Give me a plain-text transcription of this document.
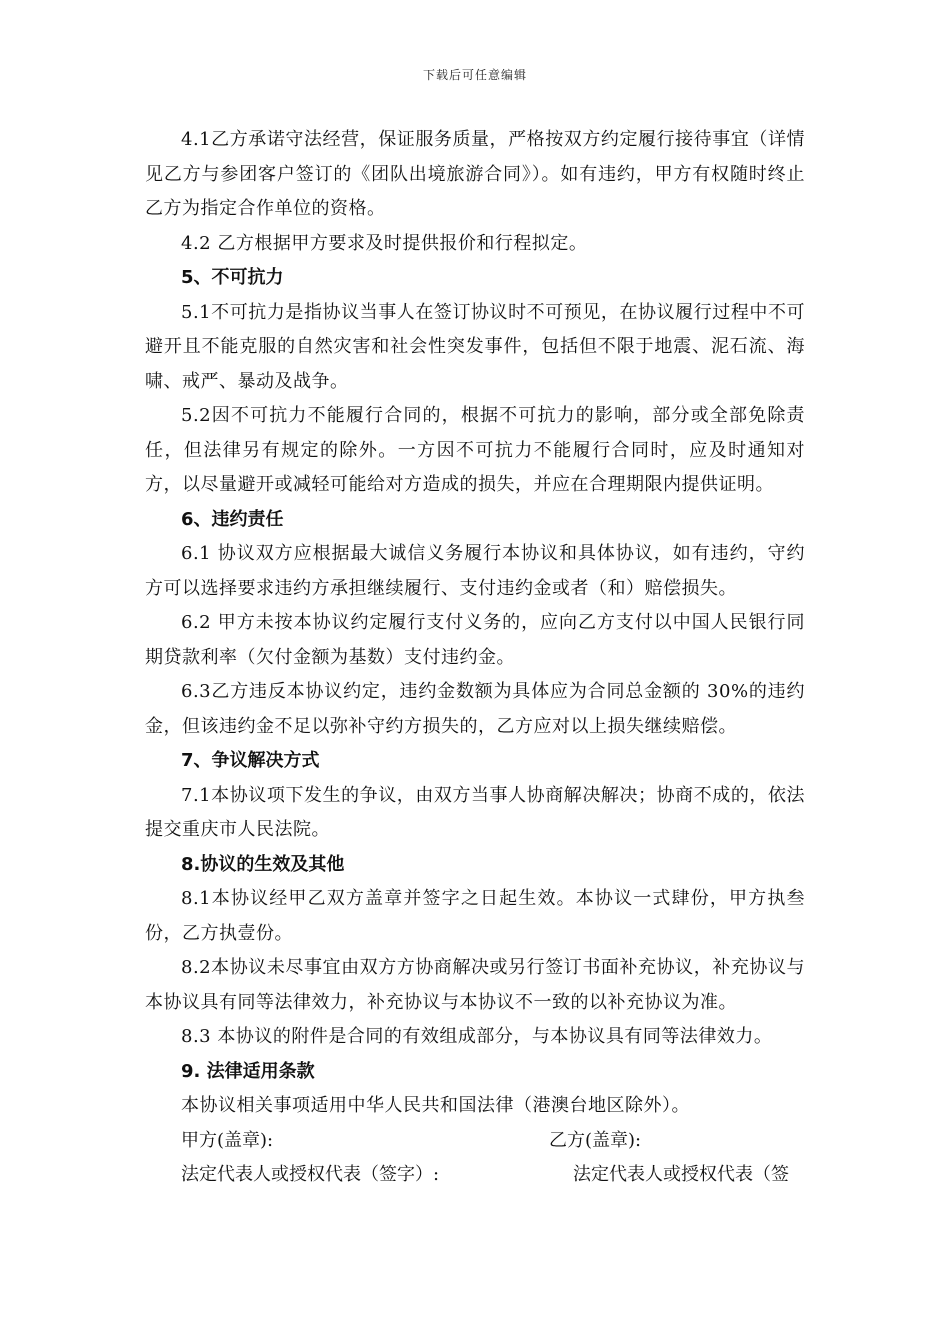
下载后可任意编辑

4.1乙方承诺守法经营，保证服务质量，严格按双方约定履行接待事宜（详情见乙方与参团客户签订的《团队出境旅游合同》）。如有违约，甲方有权随时终止乙方为指定合作单位的资格。

4.2 乙方根据甲方要求及时提供报价和行程拟定。

5、不可抗力

5.1不可抗力是指协议当事人在签订协议时不可预见，在协议履行过程中不可避开且不能克服的自然灾害和社会性突发事件，包括但不限于地震、泥石流、海啸、戒严、暴动及战争。

5.2因不可抗力不能履行合同的，根据不可抗力的影响，部分或全部免除责任，但法律另有规定的除外。一方因不可抗力不能履行合同时，应及时通知对方，以尽量避开或减轻可能给对方造成的损失，并应在合理期限内提供证明。

6、违约责任

6.1 协议双方应根据最大诚信义务履行本协议和具体协议，如有违约，守约方可以选择要求违约方承担继续履行、支付违约金或者（和）赔偿损失。

6.2 甲方未按本协议约定履行支付义务的，应向乙方支付以中国人民银行同期贷款利率（欠付金额为基数）支付违约金。

6.3乙方违反本协议约定，违约金数额为具体应为合同总金额的 30%的违约金，但该违约金不足以弥补守约方损失的，乙方应对以上损失继续赔偿。

7、争议解决方式

7.1本协议项下发生的争议，由双方当事人协商解决解决；协商不成的，依法提交重庆市人民法院。

8.协议的生效及其他

8.1本协议经甲乙双方盖章并签字之日起生效。本协议一式肆份，甲方执叁份，乙方执壹份。

8.2本协议未尽事宜由双方方协商解决或另行签订书面补充协议，补充协议与本协议具有同等法律效力，补充协议与本协议不一致的以补充协议为准。

8.3 本协议的附件是合同的有效组成部分，与本协议具有同等法律效力。

9. 法律适用条款

本协议相关事项适用中华人民共和国法律（港澳台地区除外）。

甲方(盖章):	乙方(盖章):
法定代表人或授权代表（签字）:	法定代表人或授权代表（签
